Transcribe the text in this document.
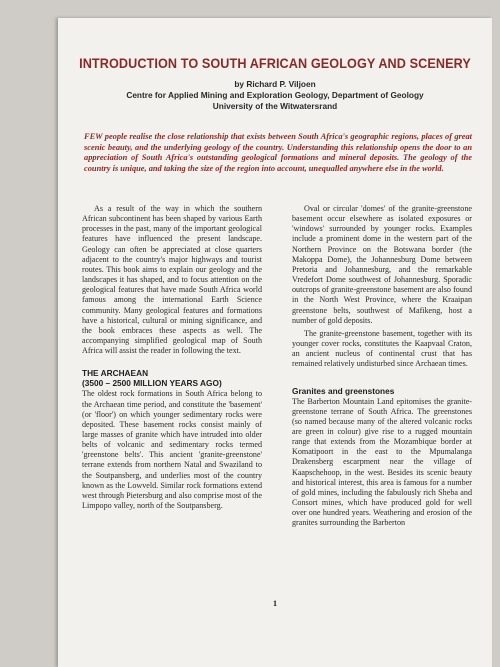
INTRODUCTION TO SOUTH AFRICAN GEOLOGY AND SCENERY
by Richard P. Viljoen
Centre for Applied Mining and Exploration Geology, Department of Geology
University of the Witwatersrand

FEW people realise the close relationship that exists between South Africa's geographic regions, places of great scenic beauty, and the underlying geology of the country. Understanding this relationship opens the door to an appreciation of South Africa's outstanding geological formations and mineral deposits. The geology of the country is unique, and taking the size of the region into account, unequalled anywhere else in the world.

As a result of the way in which the southern African subcontinent has been shaped by various Earth processes in the past, many of the important geological features have influenced the present landscape. Geology can often be appreciated at close quarters adjacent to the country's major highways and tourist routes. This book aims to explain our geology and the landscapes it has shaped, and to focus attention on the geological features that have made South Africa world famous among the international Earth Science community. Many geological features and formations have a historical, cultural or mining significance, and the book embraces these aspects as well. The accompanying simplified geological map of South Africa will assist the reader in following the text.

THE ARCHAEAN
(3500 – 2500 MILLION YEARS AGO)

The oldest rock formations in South Africa belong to the Archaean time period, and constitute the 'basement' (or 'floor') on which younger sedimentary rocks were deposited. These basement rocks consist mainly of large masses of granite which have intruded into older belts of volcanic and sedimentary rocks termed 'greenstone belts'. This ancient 'granite-greenstone' terrane extends from northern Natal and Swaziland to the Soutpansberg, and underlies most of the country known as the Lowveld. Similar rock formations extend west through Pietersburg and also comprise most of the Limpopo valley, north of the Soutpansberg.

Oval or circular 'domes' of the granite-greenstone basement occur elsewhere as isolated exposures or 'windows' surrounded by younger rocks. Examples include a prominent dome in the western part of the Northern Province on the Botswana border (the Makoppa Dome), the Johannesburg Dome between Pretoria and Johannesburg, and the remarkable Vredefort Dome southwest of Johannesburg. Sporadic outcrops of granite-greenstone basement are also found in the North West Province, where the Kraaipan greenstone belts, southwest of Mafikeng, host a number of gold deposits.

The granite-greenstone basement, together with its younger cover rocks, constitutes the Kaapvaal Craton, an ancient nucleus of continental crust that has remained relatively undisturbed since Archaean times.

Granites and greenstones

The Barberton Mountain Land epitomises the granite-greenstone terrane of South Africa. The greenstones (so named because many of the altered volcanic rocks are green in colour) give rise to a rugged mountain range that extends from the Mozambique border at Komatipoort in the east to the Mpumalanga Drakensberg escarpment near the village of Kaapschehoop, in the west. Besides its scenic beauty and historical interest, this area is famous for a number of gold mines, including the fabulously rich Sheba and Consort mines, which have produced gold for well over one hundred years. Weathering and erosion of the granites surrounding the Barberton

1
